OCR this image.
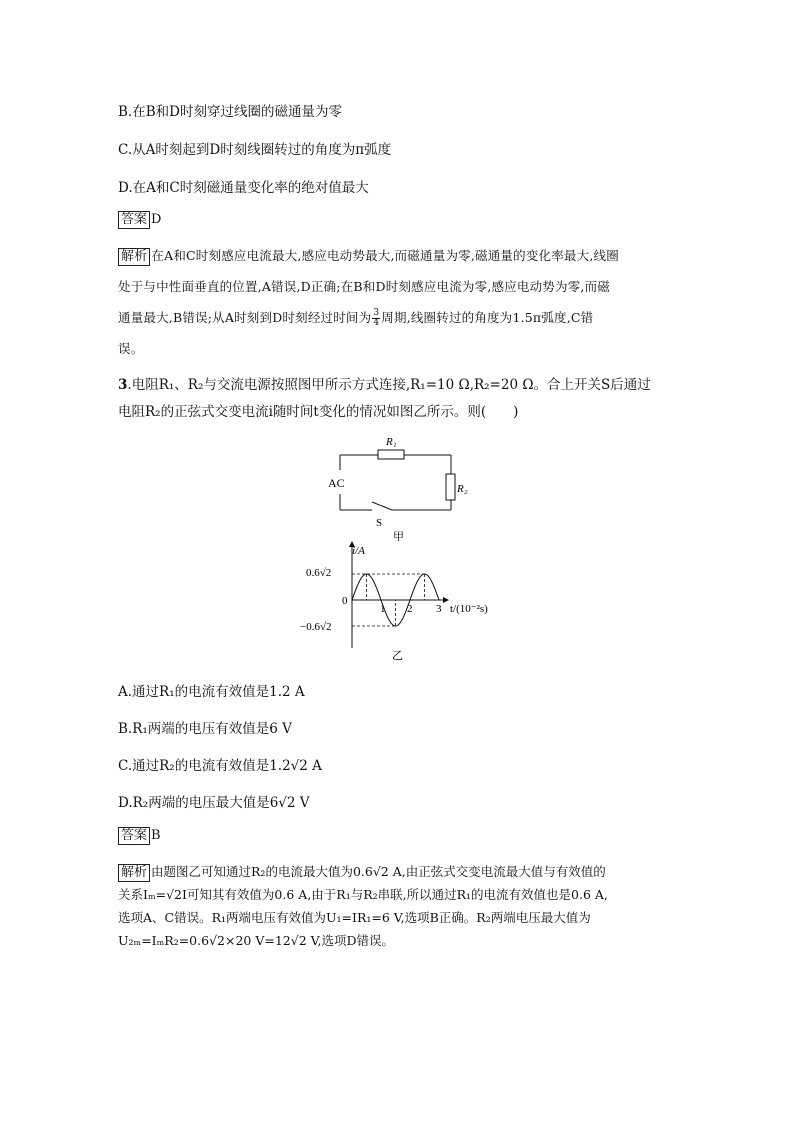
B.在B和D时刻穿过线圈的磁通量为零
C.从A时刻起到D时刻线圈转过的角度为π弧度
D.在A和C时刻磁通量变化率的绝对值最大
答案 D
解析 在A和C时刻感应电流最大,感应电动势最大,而磁通量为零,磁通量的变化率最大,线圈
处于与中性面垂直的位置,A错误,D正确;在B和D时刻感应电流为零,感应电动势为零,而磁
通量最大,B错误;从A时刻到D时刻经过时间为 $\frac{3}{4}$ 周期,线圈转过的角度为1.5π弧度,C错
误。
3.电阻R₁、R₂与交流电源按照图甲所示方式连接,R₁=10 Ω,R₂=20 Ω。合上开关S后通过
电阻R₂的正弦式交变电流i随时间t变化的情况如图乙所示。则(　　)
R₁
R₂
AC
S
甲
1 2 3
i/A
t/(10⁻²s)
0
0.6√2
−0.6√2
乙
A.通过R₁的电流有效值是1.2 A
B.R₁两端的电压有效值是6 V
C.通过R₂的电流有效值是1.2√2 A
D.R₂两端的电压最大值是6√2 V
答案 B
解析 由题图乙可知通过R₂的电流最大值为0.6√2 A,由正弦式交变电流最大值与有效值的
关系Iₘ=√2I可知其有效值为0.6 A,由于R₁与R₂串联,所以通过R₁的电流有效值也是0.6 A,
选项A、C错误。R₁两端电压有效值为U₁=IR₁=6 V,选项B正确。R₂两端电压最大值为
U₂ₘ=IₘR₂=0.6√2×20 V=12√2 V,选项D错误。
